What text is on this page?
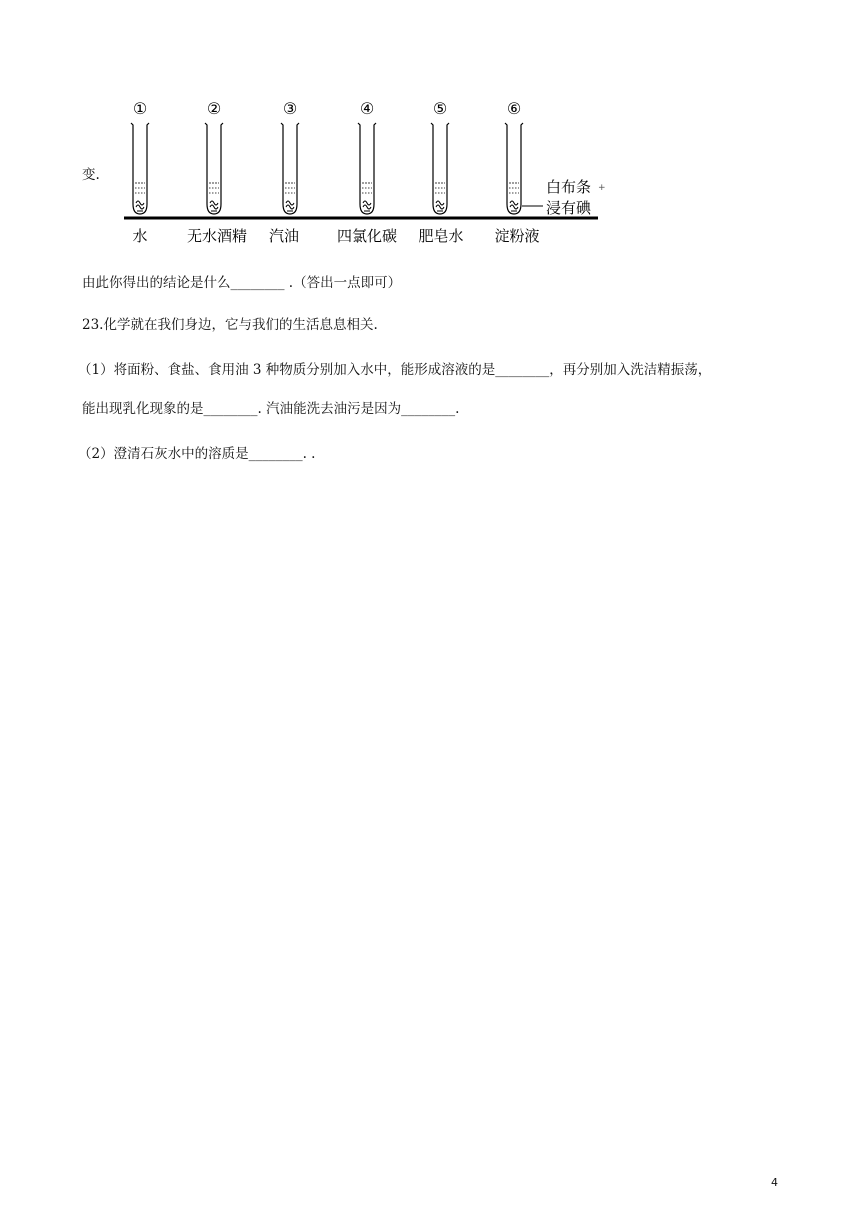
变.
①
水
②
无水酒精
③
汽油
④
四氯化碳
⑤
肥皂水
⑥
淀粉液
白布条 +
浸有碘
由此你得出的结论是什么________ .（答出一点即可）
23.化学就在我们身边，它与我们的生活息息相关.
（1）将面粉、食盐、食用油 3 种物质分别加入水中，能形成溶液的是________，再分别加入洗洁精振荡，
能出现乳化现象的是________. 汽油能洗去油污是因为________.
（2）澄清石灰水中的溶质是________. .
4
